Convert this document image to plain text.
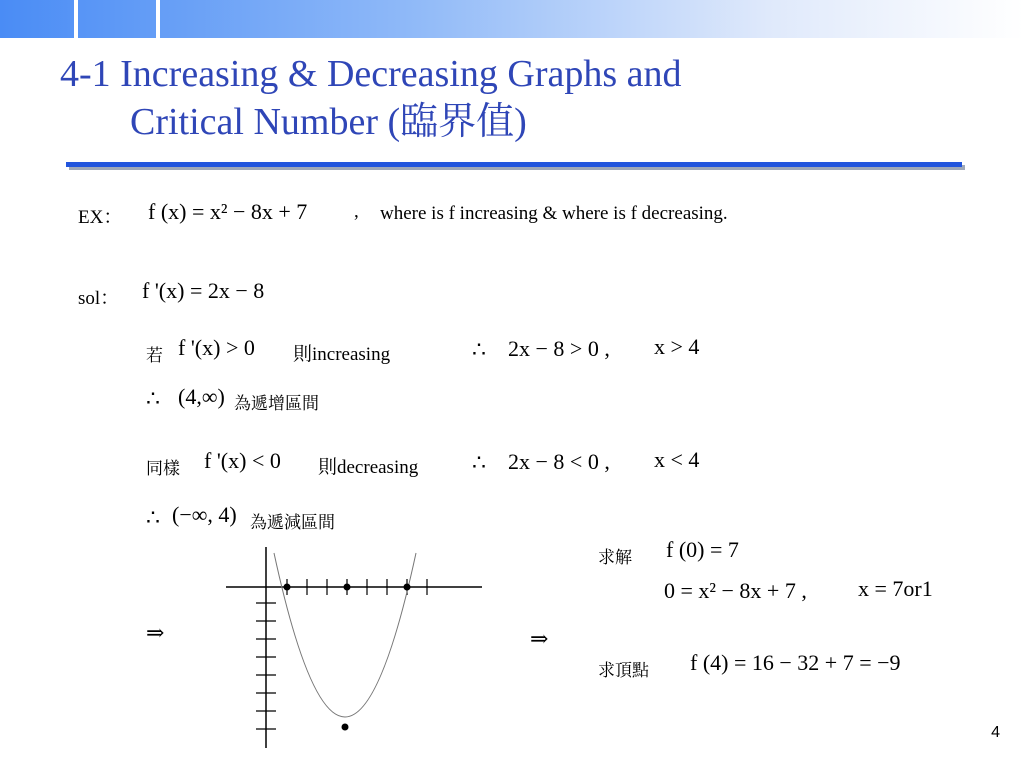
4-1 Increasing & Decreasing Graphs and
Critical Number (臨界值)
EX： f (x) = x² − 8x + 7 , where is f increasing & where is f decreasing.
sol： f '(x) = 2x − 8
若 f '(x) > 0 則increasing	∴ 2x − 8 > 0 , x > 4
∴ (4,∞) 為遞增區間
同樣 f '(x) < 0 則decreasing ∴ 2x − 8 < 0 , x < 4
∴ (−∞, 4) 為遞減區間
⇒	⇒
求解 f (0) = 7
0 = x² − 8x + 7 , x = 7or1
求頂點 f (4) = 16 − 32 + 7 = −9
4
